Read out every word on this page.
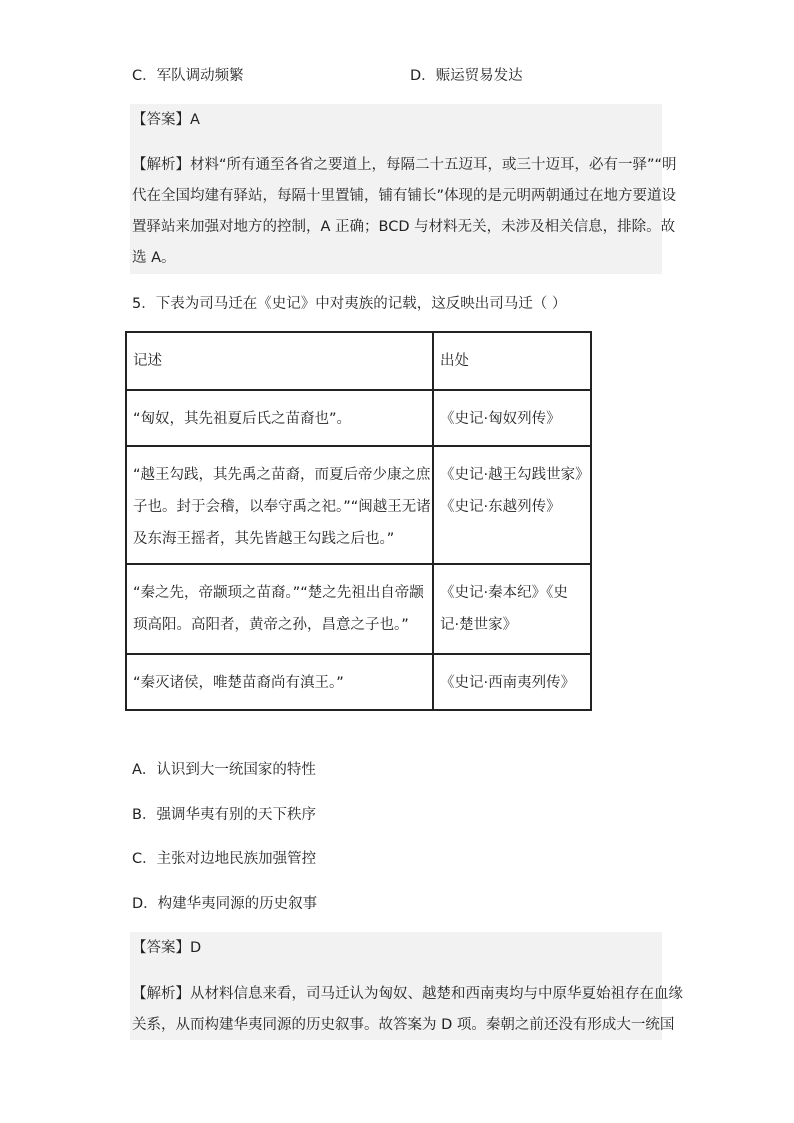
C．军队调动频繁	D．赈运贸易发达
【答案】A
【解析】材料“所有通至各省之要道上，每隔二十五迈耳，或三十迈耳，必有一驿”“明
代在全国均建有驿站，每隔十里置铺，铺有铺长”体现的是元明两朝通过在地方要道设
置驿站来加强对地方的控制，A 正确；BCD 与材料无关，未涉及相关信息，排除。故
选 A。
5．下表为司马迁在《史记》中对夷族的记载，这反映出司马迁（ ）
记述	出处

“匈奴，其先祖夏后氏之苗裔也”。	《史记·匈奴列传》

“越王勾践，其先禹之苗裔，而夏后帝少康之庶
子也。封于会稽，以奉守禹之祀。”“闽越王无诸
及东海王摇者，其先皆越王勾践之后也。”	《史记·越王勾践世家》
《史记·东越列传》

“秦之先，帝颛顼之苗裔。”“楚之先祖出自帝颛
顼高阳。高阳者，黄帝之孙，昌意之子也。”	《史记·秦本纪》《史
记·楚世家》

“秦灭诸侯，唯楚苗裔尚有滇王。”	《史记·西南夷列传》
A．认识到大一统国家的特性
B．强调华夷有别的天下秩序
C．主张对边地民族加强管控
D．构建华夷同源的历史叙事
【答案】D
【解析】从材料信息来看，司马迁认为匈奴、越楚和西南夷均与中原华夏始祖存在血缘
关系，从而构建华夷同源的历史叙事。故答案为 D 项。秦朝之前还没有形成大一统国
